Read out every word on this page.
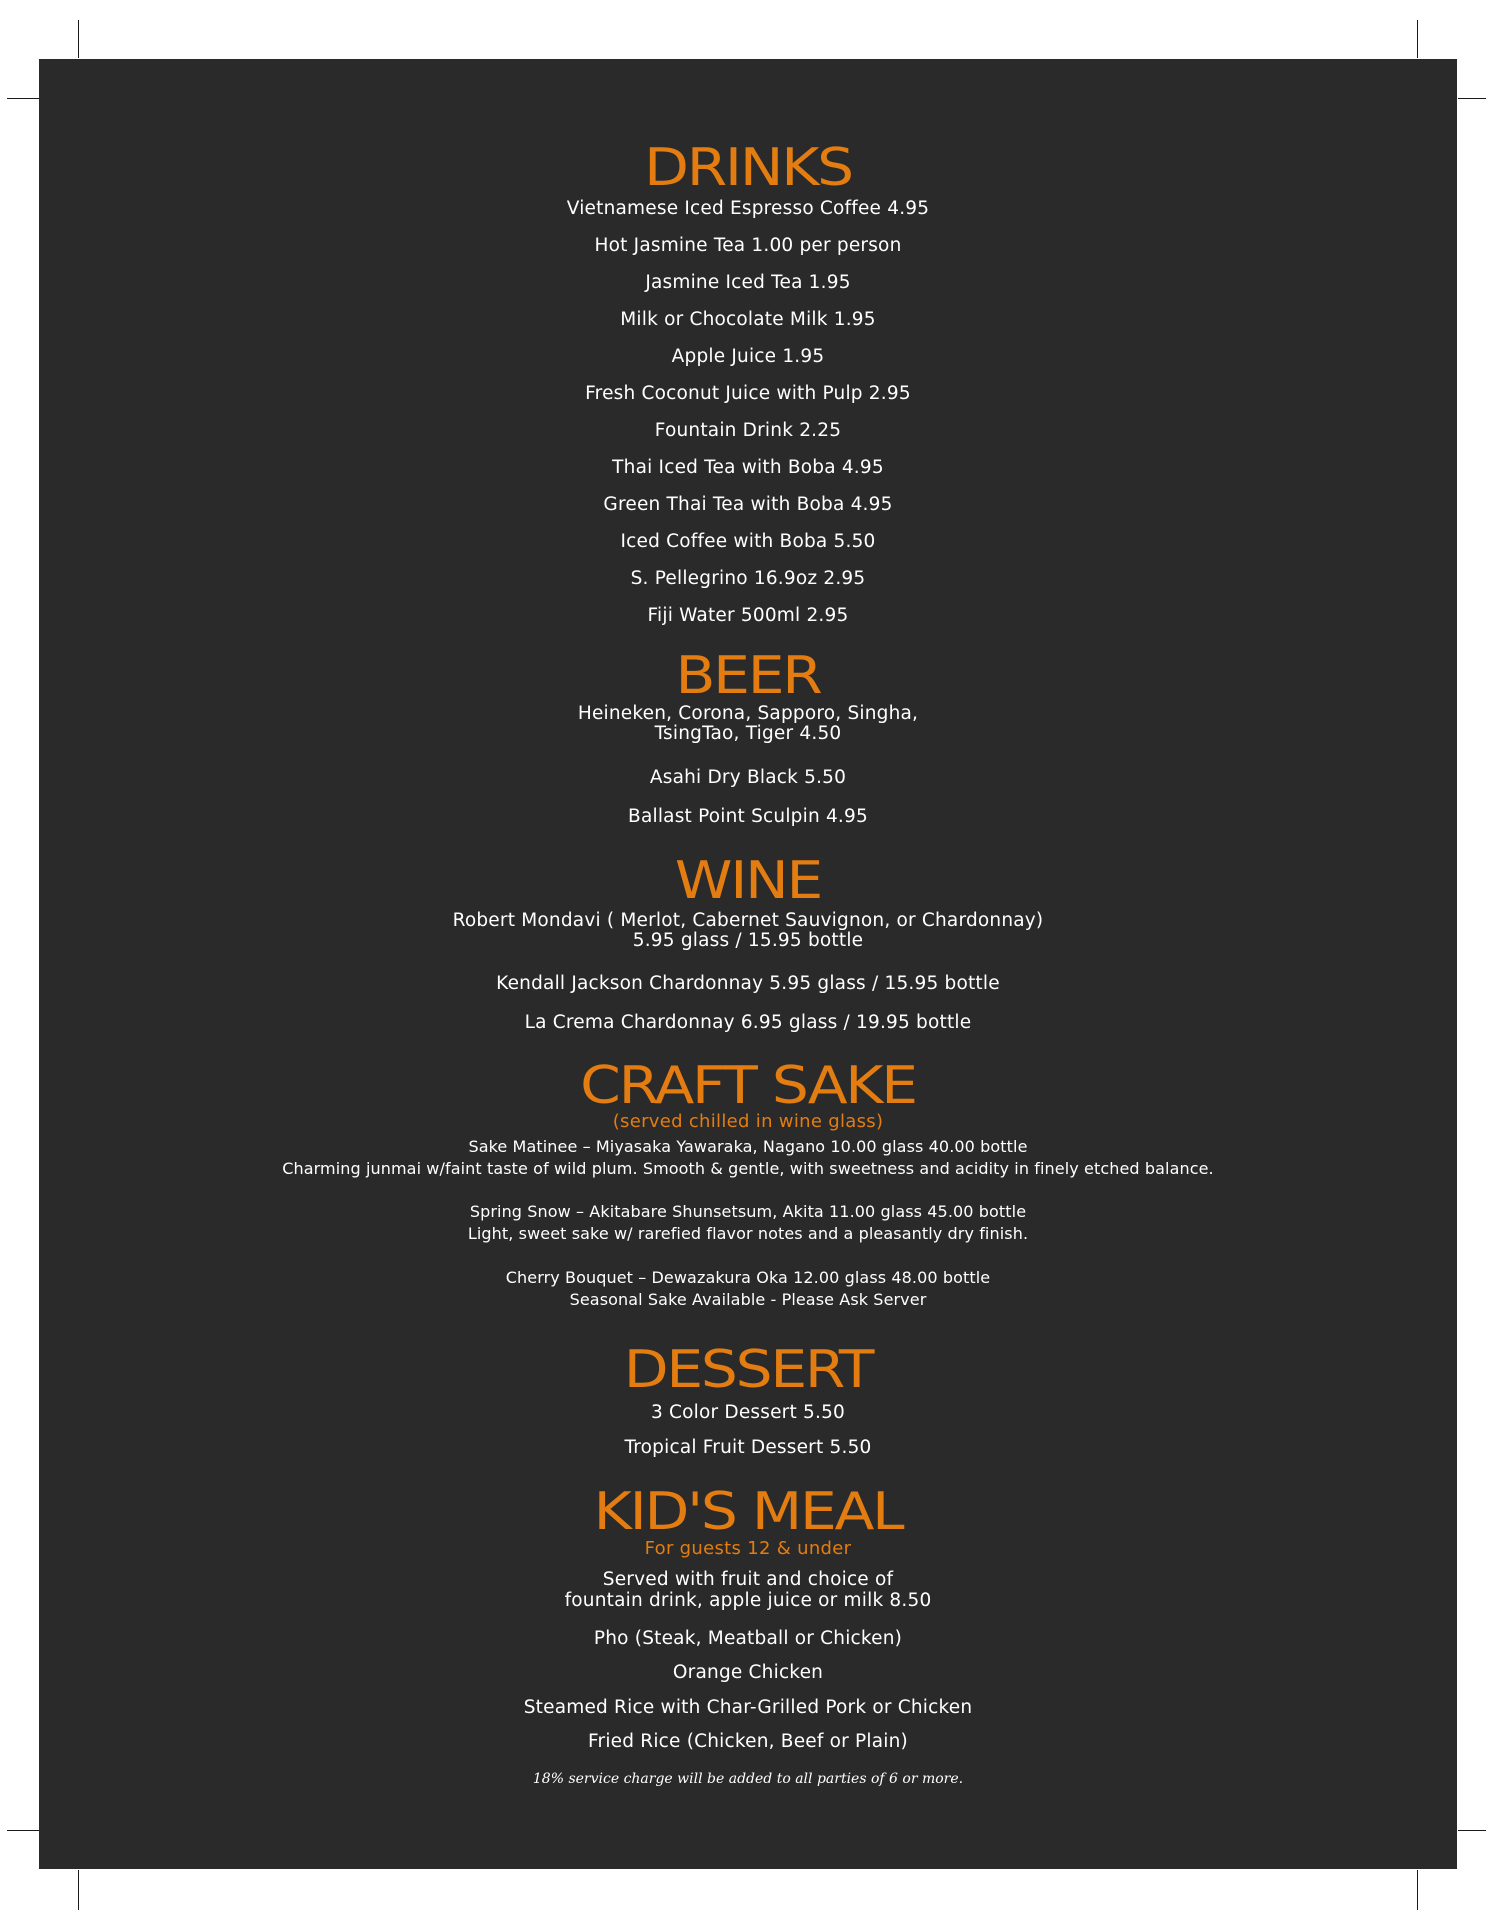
DRINKS
Vietnamese Iced Espresso Coffee 4.95
Hot Jasmine Tea 1.00 per person
Jasmine Iced Tea 1.95
Milk or Chocolate Milk 1.95
Apple Juice 1.95
Fresh Coconut Juice with Pulp 2.95
Fountain Drink 2.25
Thai Iced Tea with Boba 4.95
Green Thai Tea with Boba 4.95
Iced Coffee with Boba 5.50
S. Pellegrino 16.9oz 2.95
Fiji Water 500ml 2.95
BEER
Heineken, Corona, Sapporo, Singha,
TsingTao, Tiger 4.50
Asahi Dry Black 5.50
Ballast Point Sculpin 4.95
WINE
Robert Mondavi ( Merlot, Cabernet Sauvignon, or Chardonnay)
5.95 glass / 15.95 bottle
Kendall Jackson Chardonnay 5.95 glass / 15.95 bottle
La Crema Chardonnay 6.95 glass / 19.95 bottle
CRAFT SAKE
(served chilled in wine glass)
Sake Matinee – Miyasaka Yawaraka, Nagano 10.00 glass 40.00 bottle
Charming junmai w/faint taste of wild plum. Smooth & gentle, with sweetness and acidity in finely etched balance.
Spring Snow – Akitabare Shunsetsum, Akita 11.00 glass 45.00 bottle
Light, sweet sake w/ rarefied flavor notes and a pleasantly dry finish.
Cherry Bouquet – Dewazakura Oka 12.00 glass 48.00 bottle
Seasonal Sake Available - Please Ask Server
DESSERT
3 Color Dessert 5.50
Tropical Fruit Dessert 5.50
KID'S MEAL
For guests 12 & under
Served with fruit and choice of
fountain drink, apple juice or milk 8.50
Pho (Steak, Meatball or Chicken)
Orange Chicken
Steamed Rice with Char-Grilled Pork or Chicken
Fried Rice (Chicken, Beef or Plain)
18% service charge will be added to all parties of 6 or more.
